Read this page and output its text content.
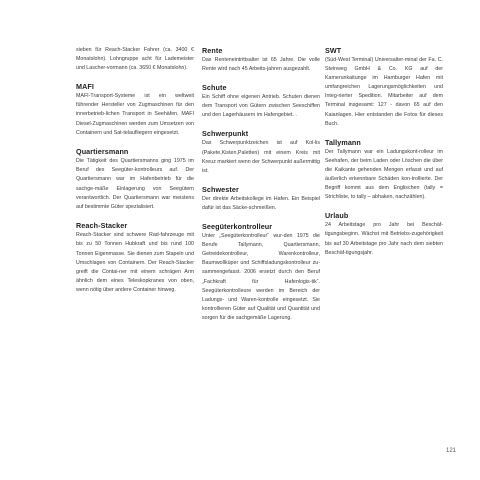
sieben für Reach-Stacker Fahrer (ca. 3400 € Monatslohn). Lohngruppe acht für Lademeister und Lascher-vormann (ca. 3650 € Monatslohn).

MAFI

MAFI-Transport-Systeme ist ein weltweit führender Hersteller von Zugmaschinen für den innerbetrieb-lichen Transport in Seehäfen. MAFI Diesel-Zugmaschinen werden zum Umsetzen von Containern und Sat-telaufliegern eingesetzt.

Quartiersmann

Die Tätigkeit des Quartiersmanns ging 1975 im Beruf des Seegüter-kontrolleurs auf. Der Quartiersmann war im Hafenbetrieb für die sachge-mäße Einlagerung von Seegütern verantwortlich. Der Quartiersmann war meistens auf bestimmte Güter spezialisiert.

Reach-Stacker

Reach-Stacker sind schwere Rad-fahrzeuge mit bis zu 50 Tonnen Hubkraft und bis rund 100 Tonnen Eigenmasse. Sie dienen zum Stapeln und Umschlagen von Containern. Der Reach-Stacker greift die Contai-ner mit einem schrägen Arm ähnlich dem eines Teleskopkranes von oben, wenn nötig über andere Container hinweg.

Rente

Das Renteneintrittsalter ist 65 Jahre. Die volle Rente wird nach 45 Arbeits-jahren ausgezahlt.

Schute

Ein Schiff ohne eigenen Antrieb. Schuten dienen dem Transport von Gütern zwischen Seeschiffen und den Lagerhäusern im Hafengebiet. .

Schwerpunkt

Das Schwerpunktzeichen ist auf Kol-lis (Pakete,Kisten,Paletten) mit einem Kreis mit Kreuz markiert wenn der Schwerpunkt außermittig ist.

Schwester

Der direkte Arbeitskollege im Hafen. Ein Beispiel dafür ist das Säcke-schmeißen.

Seegüterkontrolleur

Unter „Seegüterkontrolleur“ wur-den 1975 die Berufe Tallymann, Quartiersmann, Getreidekontrolleur, Warenkontrolleur, Baumwollküper und Schiffsladungskontrolleur zu-sammengefasst. 2006 ersetzt durch den Beruf „Fachkraft für Hafenlogis-tik“. Seegüterkontrolleure werden im Bereich der Ladungs- und Waren-kontrolle eingesetzt. Sie kontrollieren Güter auf Qualität und Quantität und sorgen für die sachgemäße Lagerung.

SWT

(Süd-West Terminal) Universalter-minal der Fa. C. Steinweg GmbH & Co. KG auf der Kamerunkaitunge im Hamburger Hafen mit umfangreichen Lagerungsmöglichkeiten und Integ-rierter Spedition. Mitarbeiter auf dem Terminal insgesamt: 127 - davon 65 auf den Kaianlagen. Hier entstanden die Fotos für dieses Buch.

Tallymann

Der Tallymann war ein Ladungskont-rolleur im Seehafen, der beim Laden oder Löschen die über die Kaikante gehenden Mengen erfasst und auf äußerlich erkennbare Schäden kon-trollierte. Der Begriff kommt aus dem Englischen (tally = Strichliste, to tally – abhaken, nachzählen).

Urlaub

24 Arbeitstage pro Jahr bei Beschäf-tigungsbeginn. Wächst mit Betriebs-zugehörigkeit bis auf 30 Arbeitstage pro Jahr nach dem siebten Beschäf-tigungsjahr.

121
